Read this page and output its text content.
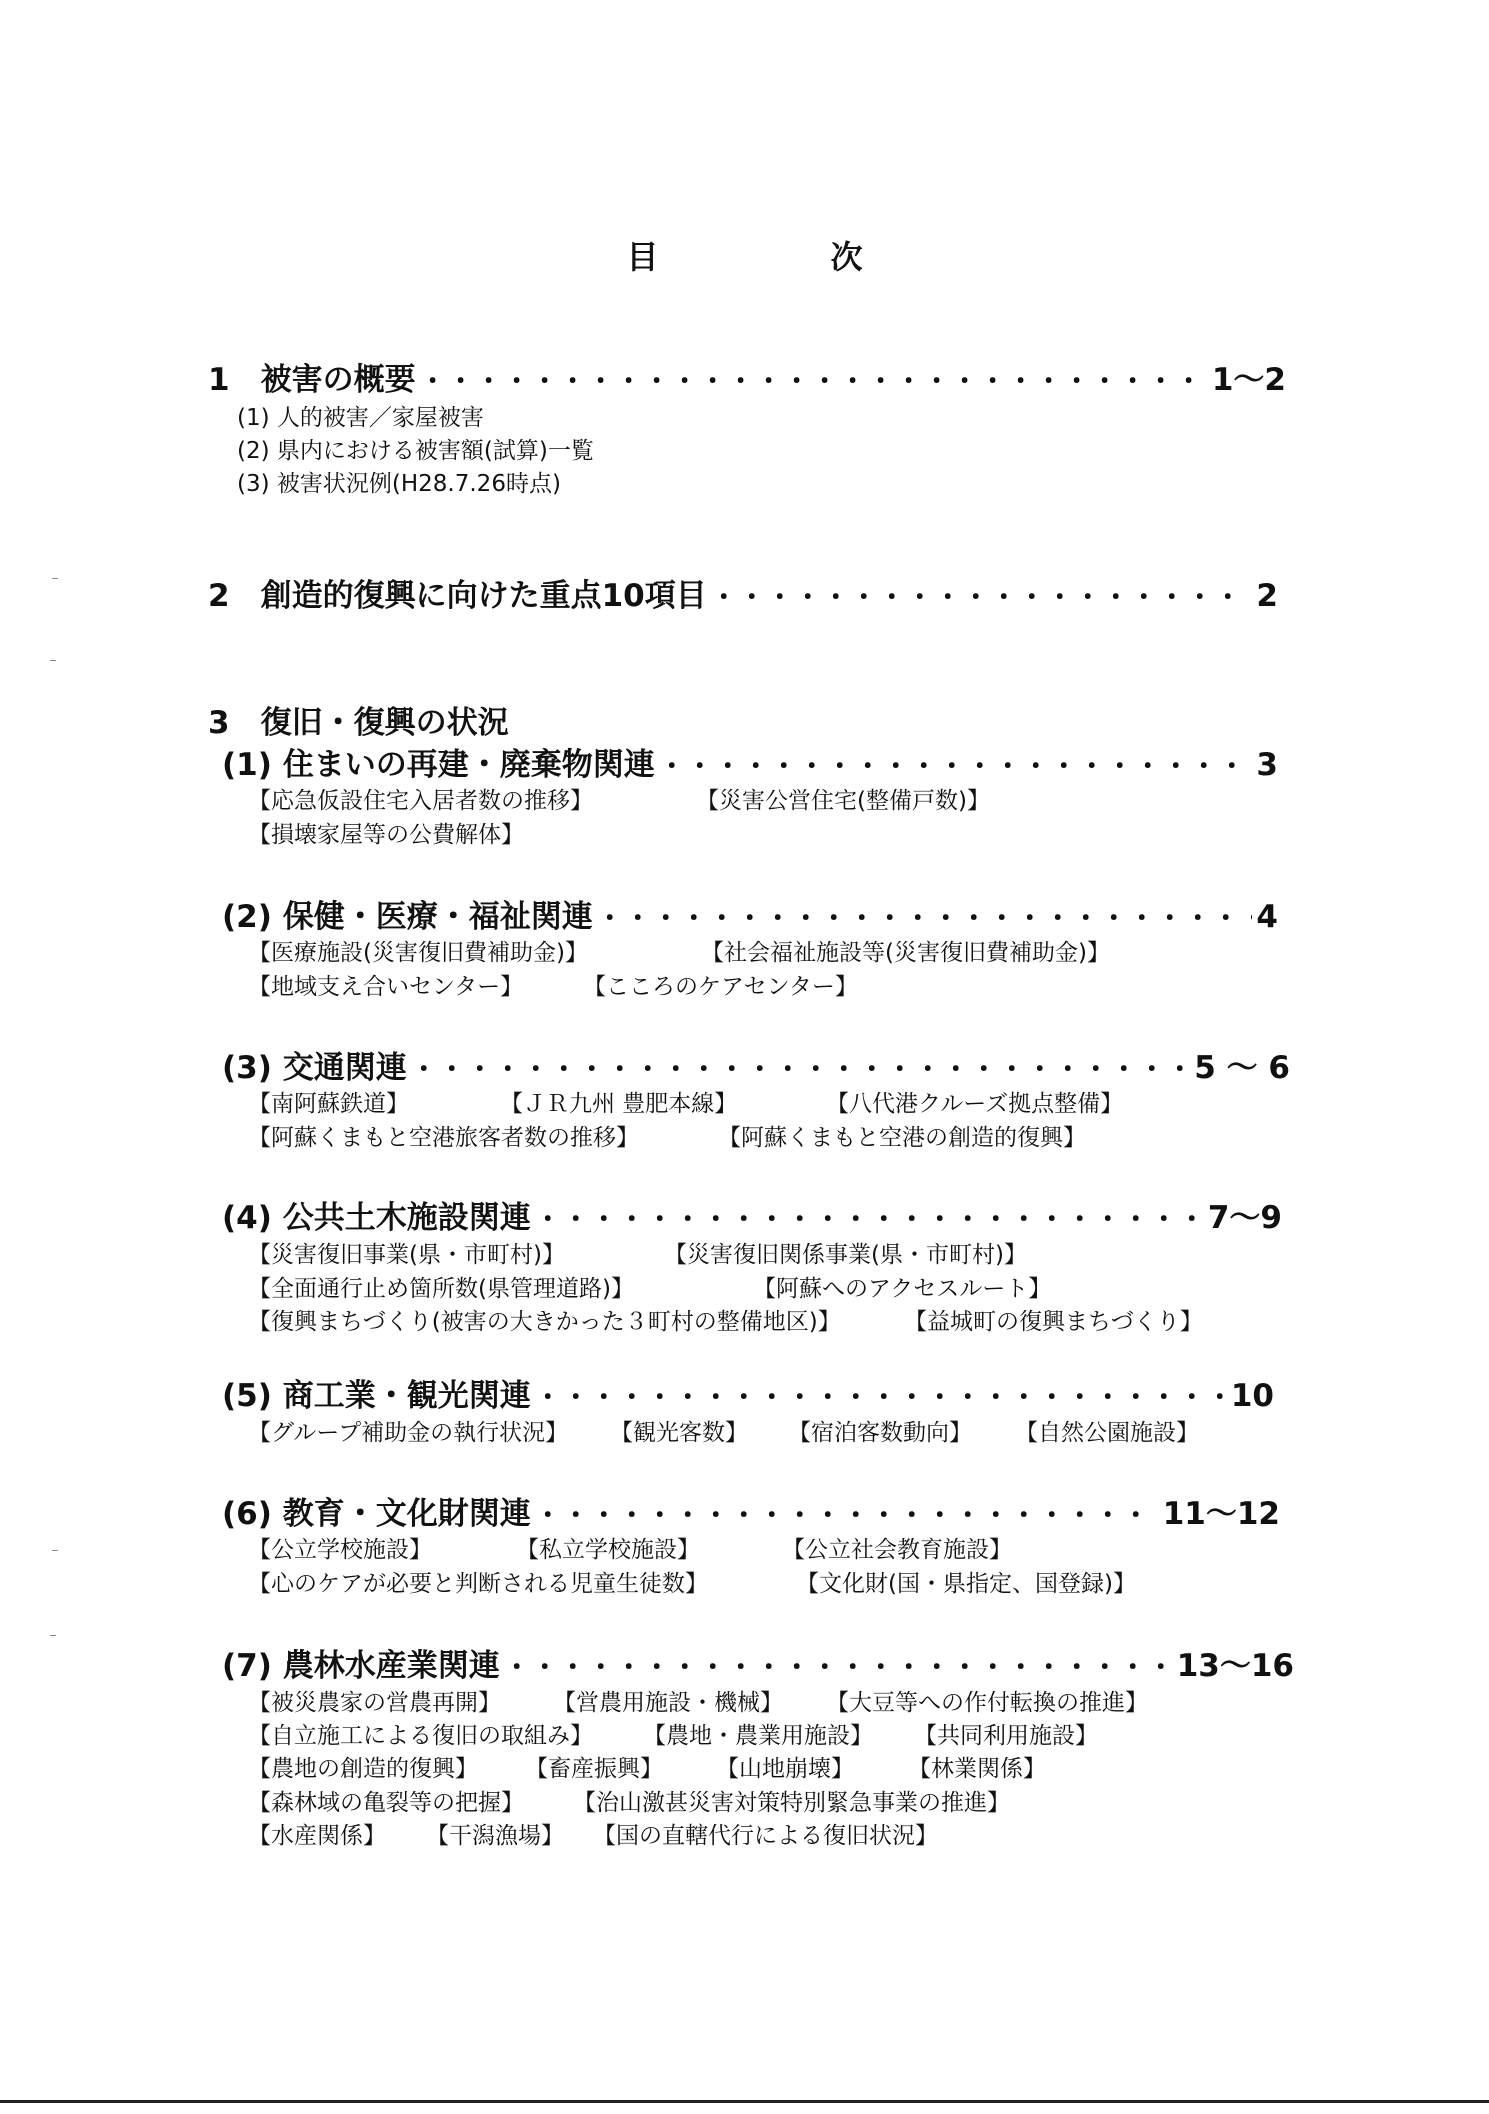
目　次
1　被害の概要 ・・・・・・・・・・・・・・・・・・・・・・・・・・・・・・・・・・・・・・・・・・・・・・・・・・・・・・・・・・・・・・・・・・・・・・・・・・・・・・・・・・・・・・・・・・	1～2
(1) 人的被害／家屋被害
(2) 県内における被害額(試算)一覧
(3) 被害状況例(H28.7.26時点)
2　創造的復興に向けた重点10項目 ・・・・・・・・・・・・・・・・・・・・・・・・・・・・・・・・・・・・・・・・・・・・・・・・・・・・・・・・・・・・・・・・・・・・・・・・・・・・・・・・・・・・・・・・・・	2
3　復旧・復興の状況
(1) 住まいの再建・廃棄物関連 ・・・・・・・・・・・・・・・・・・・・・・・・・・・・・・・・・・・・・・・・・・・・・・・・・・・・・・・・・・・・・・・・・・・・・・・・・・・・・・・・・・・・・・・・・・	3
【応急仮設住宅入居者数の推移】	【災害公営住宅(整備戸数)】
【損壊家屋等の公費解体】
(2) 保健・医療・福祉関連 ・・・・・・・・・・・・・・・・・・・・・・・・・・・・・・・・・・・・・・・・・・・・・・・・・・・・・・・・・・・・・・・・・・・・・・・・・・・・・・・・・・・・・・・・・・	4
【医療施設(災害復旧費補助金)】	【社会福祉施設等(災害復旧費補助金)】
【地域支え合いセンター】	【こころのケアセンター】
(3) 交通関連 ・・・・・・・・・・・・・・・・・・・・・・・・・・・・・・・・・・・・・・・・・・・・・・・・・・・・・・・・・・・・・・・・・・・・・・・・・・・・・・・・・・・・・・・・・・	5 ～ 6
【南阿蘇鉄道】	【ＪＲ九州 豊肥本線】	【八代港クルーズ拠点整備】
【阿蘇くまもと空港旅客者数の推移】	【阿蘇くまもと空港の創造的復興】
(4) 公共土木施設関連 ・・・・・・・・・・・・・・・・・・・・・・・・・・・・・・・・・・・・・・・・・・・・・・・・・・・・・・・・・・・・・・・・・・・・・・・・・・・・・・・・・・・・・・・・・・	7～9
【災害復旧事業(県・市町村)】	【災害復旧関係事業(県・市町村)】
【全面通行止め箇所数(県管理道路)】	【阿蘇へのアクセスルート】
【復興まちづくり(被害の大きかった３町村の整備地区)】	【益城町の復興まちづくり】
(5) 商工業・観光関連 ・・・・・・・・・・・・・・・・・・・・・・・・・・・・・・・・・・・・・・・・・・・・・・・・・・・・・・・・・・・・・・・・・・・・・・・・・・・・・・・・・・・・・・・・・・	10
【グループ補助金の執行状況】 【観光客数】 【宿泊客数動向】 【自然公園施設】
(6) 教育・文化財関連 ・・・・・・・・・・・・・・・・・・・・・・・・・・・・・・・・・・・・・・・・・・・・・・・・・・・・・・・・・・・・・・・・・・・・・・・・・・・・・・・・・・・・・・・・・・	11～12
【公立学校施設】	【私立学校施設】	【公立社会教育施設】
【心のケアが必要と判断される児童生徒数】	【文化財(国・県指定、国登録)】
(7) 農林水産業関連 ・・・・・・・・・・・・・・・・・・・・・・・・・・・・・・・・・・・・・・・・・・・・・・・・・・・・・・・・・・・・・・・・・・・・・・・・・・・・・・・・・・・・・・・・・・	13～16
【被災農家の営農再開】 【営農用施設・機械】 【大豆等への作付転換の推進】
【自立施工による復旧の取組み】 【農地・農業用施設】 【共同利用施設】
【農地の創造的復興】 【畜産振興】 【山地崩壊】 【林業関係】
【森林域の亀裂等の把握】 【治山激甚災害対策特別緊急事業の推進】
【水産関係】 【干潟漁場】 【国の直轄代行による復旧状況】
